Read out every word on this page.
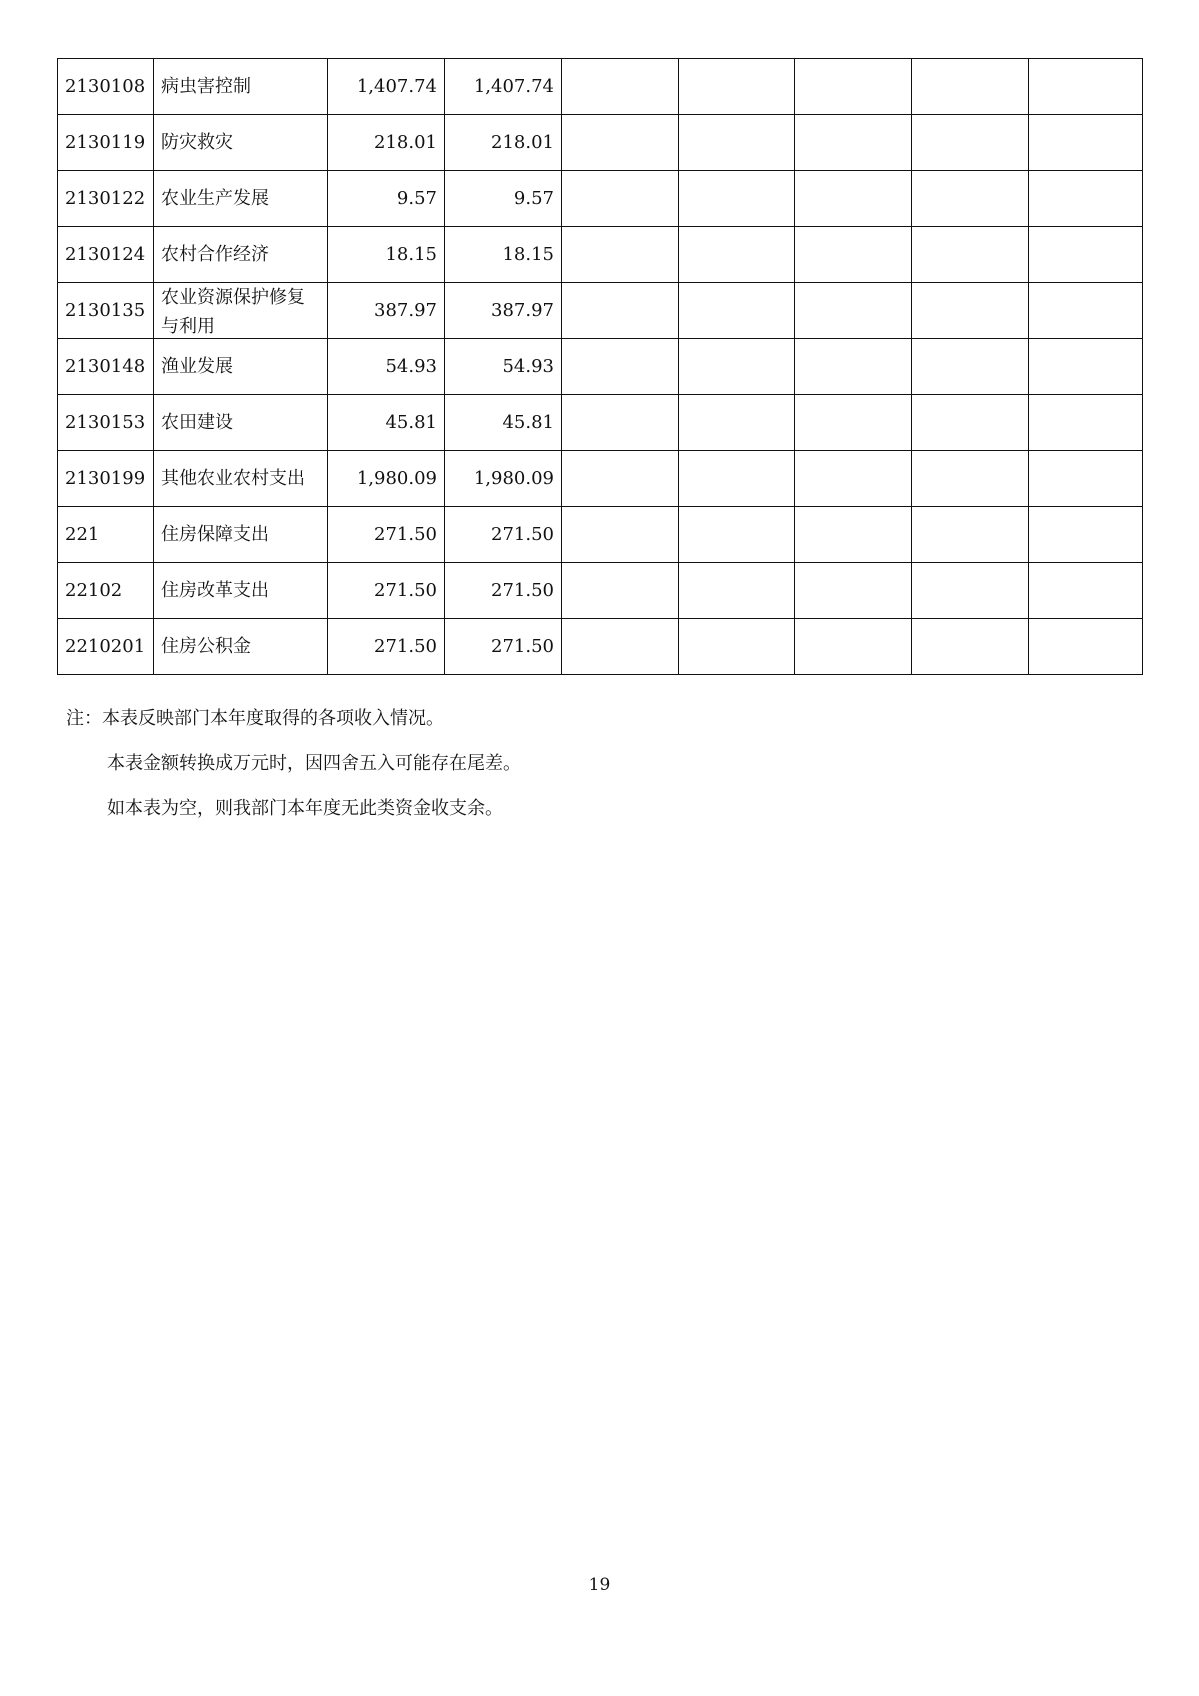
2130108	病虫害控制	1,407.74	1,407.74					
2130119	防灾救灾	218.01	218.01					
2130122	农业生产发展	9.57	9.57					
2130124	农村合作经济	18.15	18.15					
2130135	农业资源保护修复与利用	387.97	387.97					
2130148	渔业发展	54.93	54.93					
2130153	农田建设	45.81	45.81					
2130199	其他农业农村支出	1,980.09	1,980.09					
221	住房保障支出	271.50	271.50					
22102	住房改革支出	271.50	271.50					
2210201	住房公积金	271.50	271.50					
注：本表反映部门本年度取得的各项收入情况。
本表金额转换成万元时，因四舍五入可能存在尾差。
如本表为空，则我部门本年度无此类资金收支余。
19
